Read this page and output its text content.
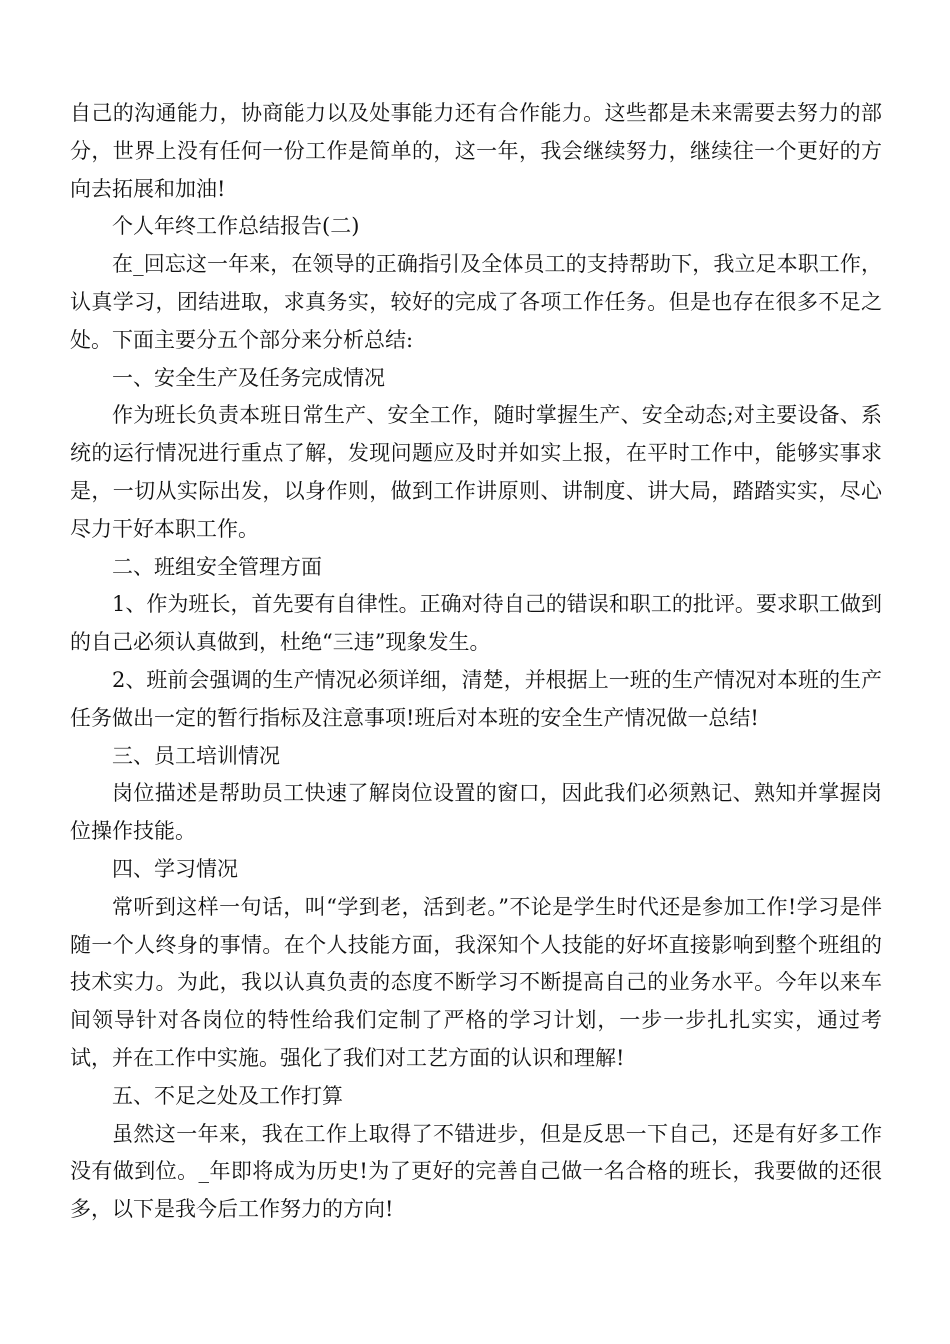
自己的沟通能力，协商能力以及处事能力还有合作能力。这些都是未来需要去努力的部分，世界上没有任何一份工作是简单的，这一年，我会继续努力，继续往一个更好的方向去拓展和加油!

个人年终工作总结报告(二)

在_回忘这一年来，在领导的正确指引及全体员工的支持帮助下，我立足本职工作，认真学习，团结进取，求真务实，较好的完成了各项工作任务。但是也存在很多不足之处。下面主要分五个部分来分析总结:

一、安全生产及任务完成情况

作为班长负责本班日常生产、安全工作，随时掌握生产、安全动态;对主要设备、系统的运行情况进行重点了解，发现问题应及时并如实上报，在平时工作中，能够实事求是，一切从实际出发，以身作则，做到工作讲原则、讲制度、讲大局，踏踏实实，尽心尽力干好本职工作。

二、班组安全管理方面

1、作为班长，首先要有自律性。正确对待自己的错误和职工的批评。要求职工做到的自己必须认真做到，杜绝“三违”现象发生。

2、班前会强调的生产情况必须详细，清楚，并根据上一班的生产情况对本班的生产任务做出一定的暂行指标及注意事项!班后对本班的安全生产情况做一总结!

三、员工培训情况

岗位描述是帮助员工快速了解岗位设置的窗口，因此我们必须熟记、熟知并掌握岗位操作技能。

四、学习情况

常听到这样一句话，叫“学到老，活到老。”不论是学生时代还是参加工作!学习是伴随一个人终身的事情。在个人技能方面，我深知个人技能的好坏直接影响到整个班组的技术实力。为此，我以认真负责的态度不断学习不断提高自己的业务水平。今年以来车间领导针对各岗位的特性给我们定制了严格的学习计划，一步一步扎扎实实，通过考试，并在工作中实施。强化了我们对工艺方面的认识和理解!

五、不足之处及工作打算

虽然这一年来，我在工作上取得了不错进步，但是反思一下自己，还是有好多工作没有做到位。_年即将成为历史!为了更好的完善自己做一名合格的班长，我要做的还很多，以下是我今后工作努力的方向!
